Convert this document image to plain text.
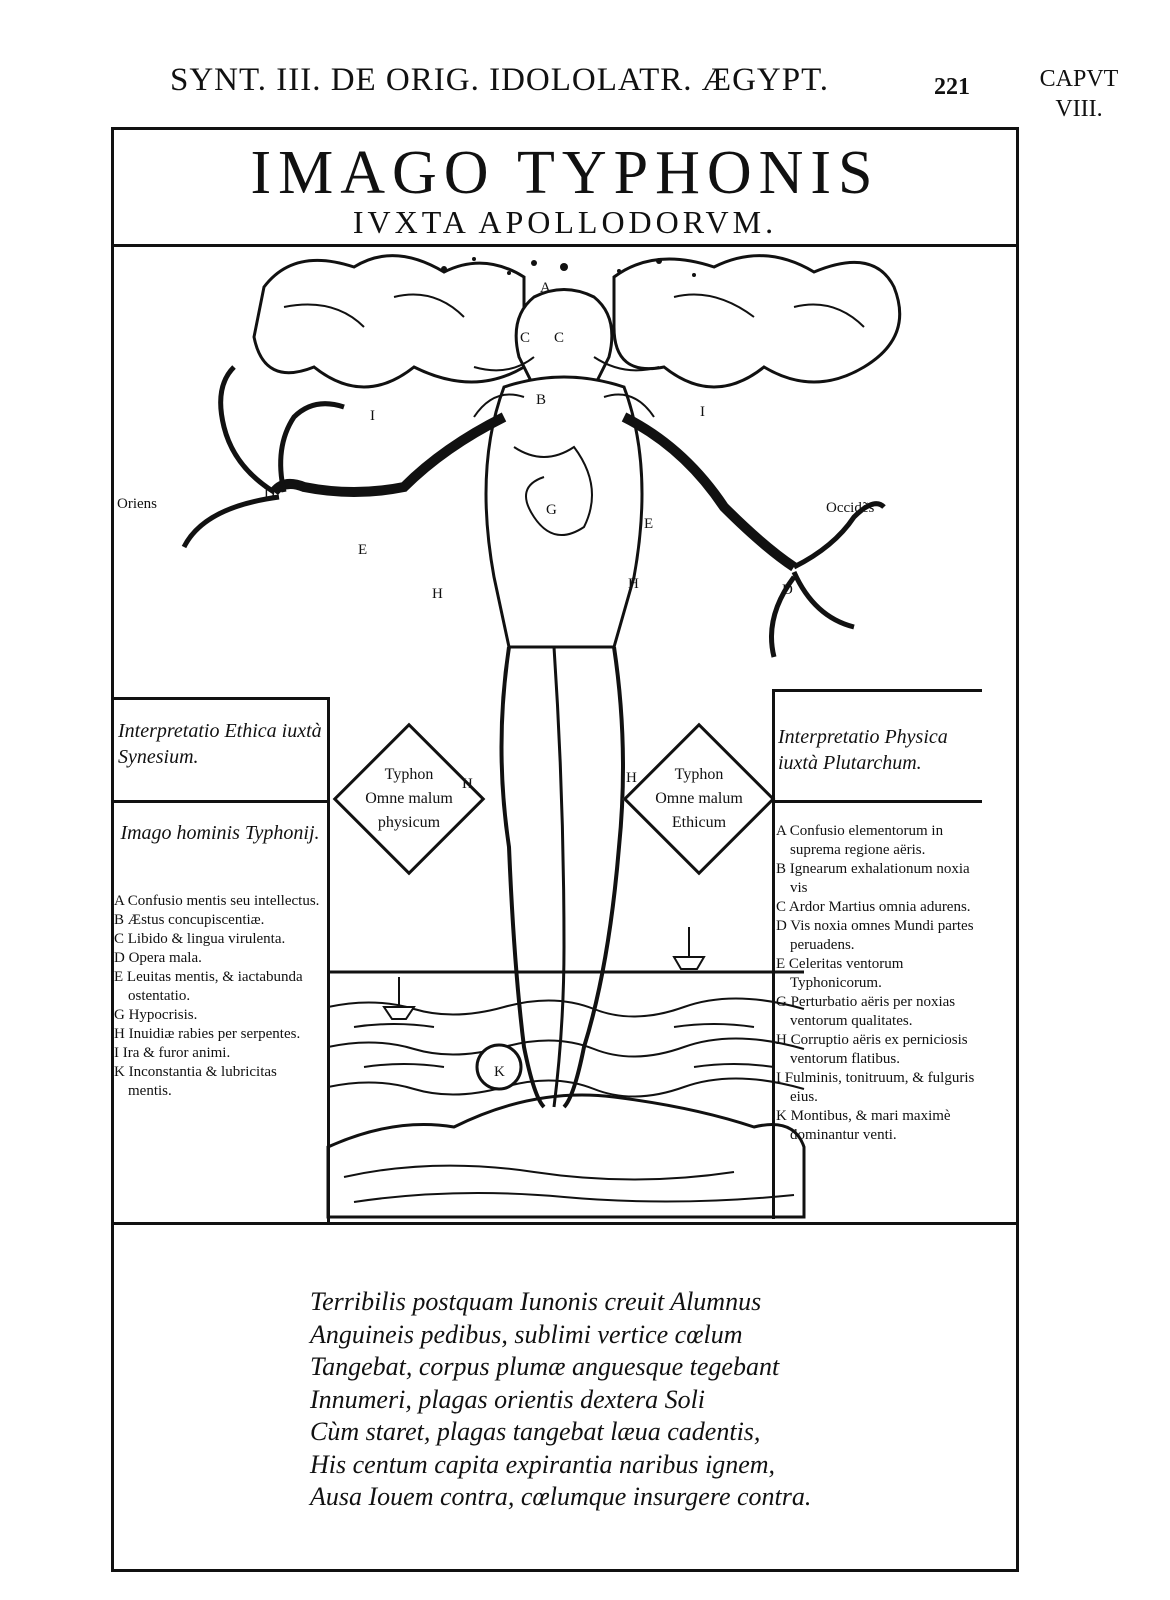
SYNT. III. DE ORIG. IDOLOLATR. ÆGYPT.	221	CAPVT
VIII.
IMAGO TYPHONIS
IVXTA APOLLODORVM.
Typhon
Omne malum
physicum
Typhon
Omne malum
Ethicum
Oriens	Occidẽs
A
B
C C
D
D
E
E
G
H
H
H	H
I	I
K
Interpretatio Ethica iuxtà Synesium.
Imago hominis Typhonij.
A Confusio mentis seu intellectus.
B Æstus concupiscentiæ.
C Libido & lingua virulenta.
D Opera mala.
E Leuitas mentis, & iactabunda ostentatio.
G Hypocrisis.
H Inuidiæ rabies per serpentes.
I Ira & furor animi.
K Inconstantia & lubricitas mentis.
Interpretatio Physica iuxtà Plutarchum.
A Confusio elementorum in suprema regione aëris.
B Ignearum exhalationum noxia vis
C Ardor Martius omnia adurens.
D Vis noxia omnes Mundi partes peruadens.
E Celeritas ventorum Typhonicorum.
G Perturbatio aëris per noxias ventorum qualitates.
H Corruptio aëris ex perniciosis ventorum flatibus.
I Fulminis, tonitruum, & fulguris eius.
K Montibus, & mari maximè dominantur venti.
Terribilis postquam Iunonis creuit Alumnus
Anguineis pedibus, sublimi vertice cœlum
Tangebat, corpus plumæ anguesque tegebant
Innumeri, plagas orientis dextera Soli
Cùm staret, plagas tangebat læua cadentis,
His centum capita expirantia naribus ignem,
Ausa Iouem contra, cœlumque insurgere contra.
